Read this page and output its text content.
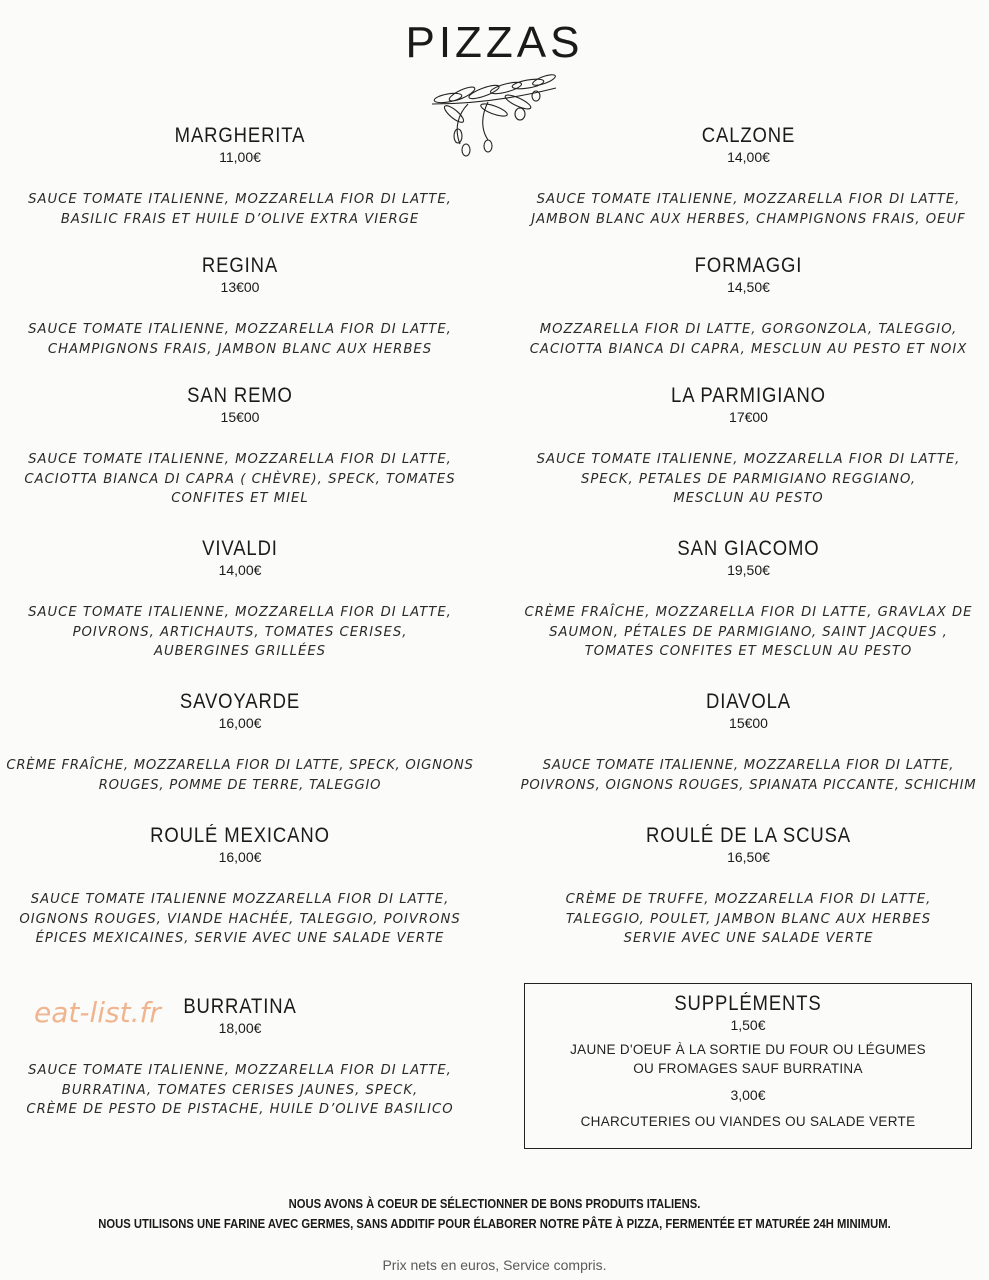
PIZZAS
MARGHERITA
11,00€
SAUCE TOMATE ITALIENNE, MOZZARELLA FIOR DI LATTE,
BASILIC FRAIS ET HUILE D’OLIVE EXTRA VIERGE
CALZONE
14,00€
SAUCE TOMATE ITALIENNE, MOZZARELLA FIOR DI LATTE,
JAMBON BLANC AUX HERBES, CHAMPIGNONS FRAIS, OEUF
REGINA
13€00
SAUCE TOMATE ITALIENNE, MOZZARELLA FIOR DI LATTE,
CHAMPIGNONS FRAIS, JAMBON BLANC AUX HERBES
FORMAGGI
14,50€
MOZZARELLA FIOR DI LATTE, GORGONZOLA, TALEGGIO,
CACIOTTA BIANCA DI CAPRA, MESCLUN AU PESTO ET NOIX
SAN REMO
15€00
SAUCE TOMATE ITALIENNE, MOZZARELLA FIOR DI LATTE,
CACIOTTA BIANCA DI CAPRA ( CHÈVRE), SPECK, TOMATES
CONFITES ET MIEL
LA PARMIGIANO
17€00
SAUCE TOMATE ITALIENNE, MOZZARELLA FIOR DI LATTE,
SPECK, PETALES DE PARMIGIANO REGGIANO,
MESCLUN AU PESTO
VIVALDI
14,00€
SAUCE TOMATE ITALIENNE, MOZZARELLA FIOR DI LATTE,
POIVRONS, ARTICHAUTS, TOMATES CERISES,
AUBERGINES GRILLÉES
SAN GIACOMO
19,50€
CRÈME FRAÎCHE, MOZZARELLA FIOR DI LATTE, GRAVLAX DE
SAUMON, PÉTALES DE PARMIGIANO, SAINT JACQUES ,
TOMATES CONFITES ET MESCLUN AU PESTO
SAVOYARDE
16,00€
CRÈME FRAÎCHE, MOZZARELLA FIOR DI LATTE, SPECK, OIGNONS
ROUGES, POMME DE TERRE, TALEGGIO
DIAVOLA
15€00
SAUCE TOMATE ITALIENNE, MOZZARELLA FIOR DI LATTE,
POIVRONS, OIGNONS ROUGES, SPIANATA PICCANTE, SCHICHIM
ROULÉ MEXICANO
16,00€
SAUCE TOMATE ITALIENNE MOZZARELLA FIOR DI LATTE,
OIGNONS ROUGES, VIANDE HACHÉE, TALEGGIO, POIVRONS
ÉPICES MEXICAINES, SERVIE AVEC UNE SALADE VERTE
ROULÉ DE LA SCUSA
16,50€
CRÈME DE TRUFFE, MOZZARELLA FIOR DI LATTE,
TALEGGIO, POULET, JAMBON BLANC AUX HERBES
SERVIE AVEC UNE SALADE VERTE
eat-list.fr	BURRATINA
18,00€
SAUCE TOMATE ITALIENNE, MOZZARELLA FIOR DI LATTE,
BURRATINA, TOMATES CERISES JAUNES, SPECK,
CRÈME DE PESTO DE PISTACHE, HUILE D’OLIVE BASILICO
SUPPLÉMENTS
1,50€
JAUNE D'OEUF À LA SORTIE DU FOUR OU LÉGUMES
OU FROMAGES SAUF BURRATINA
3,00€
CHARCUTERIES OU VIANDES OU SALADE VERTE
NOUS AVONS À COEUR DE SÉLECTIONNER DE BONS PRODUITS ITALIENS.
NOUS UTILISONS UNE FARINE AVEC GERMES, SANS ADDITIF POUR ÉLABORER NOTRE PÂTE À PIZZA, FERMENTÉE ET MATURÉE 24H MINIMUM.
Prix nets en euros, Service compris.
